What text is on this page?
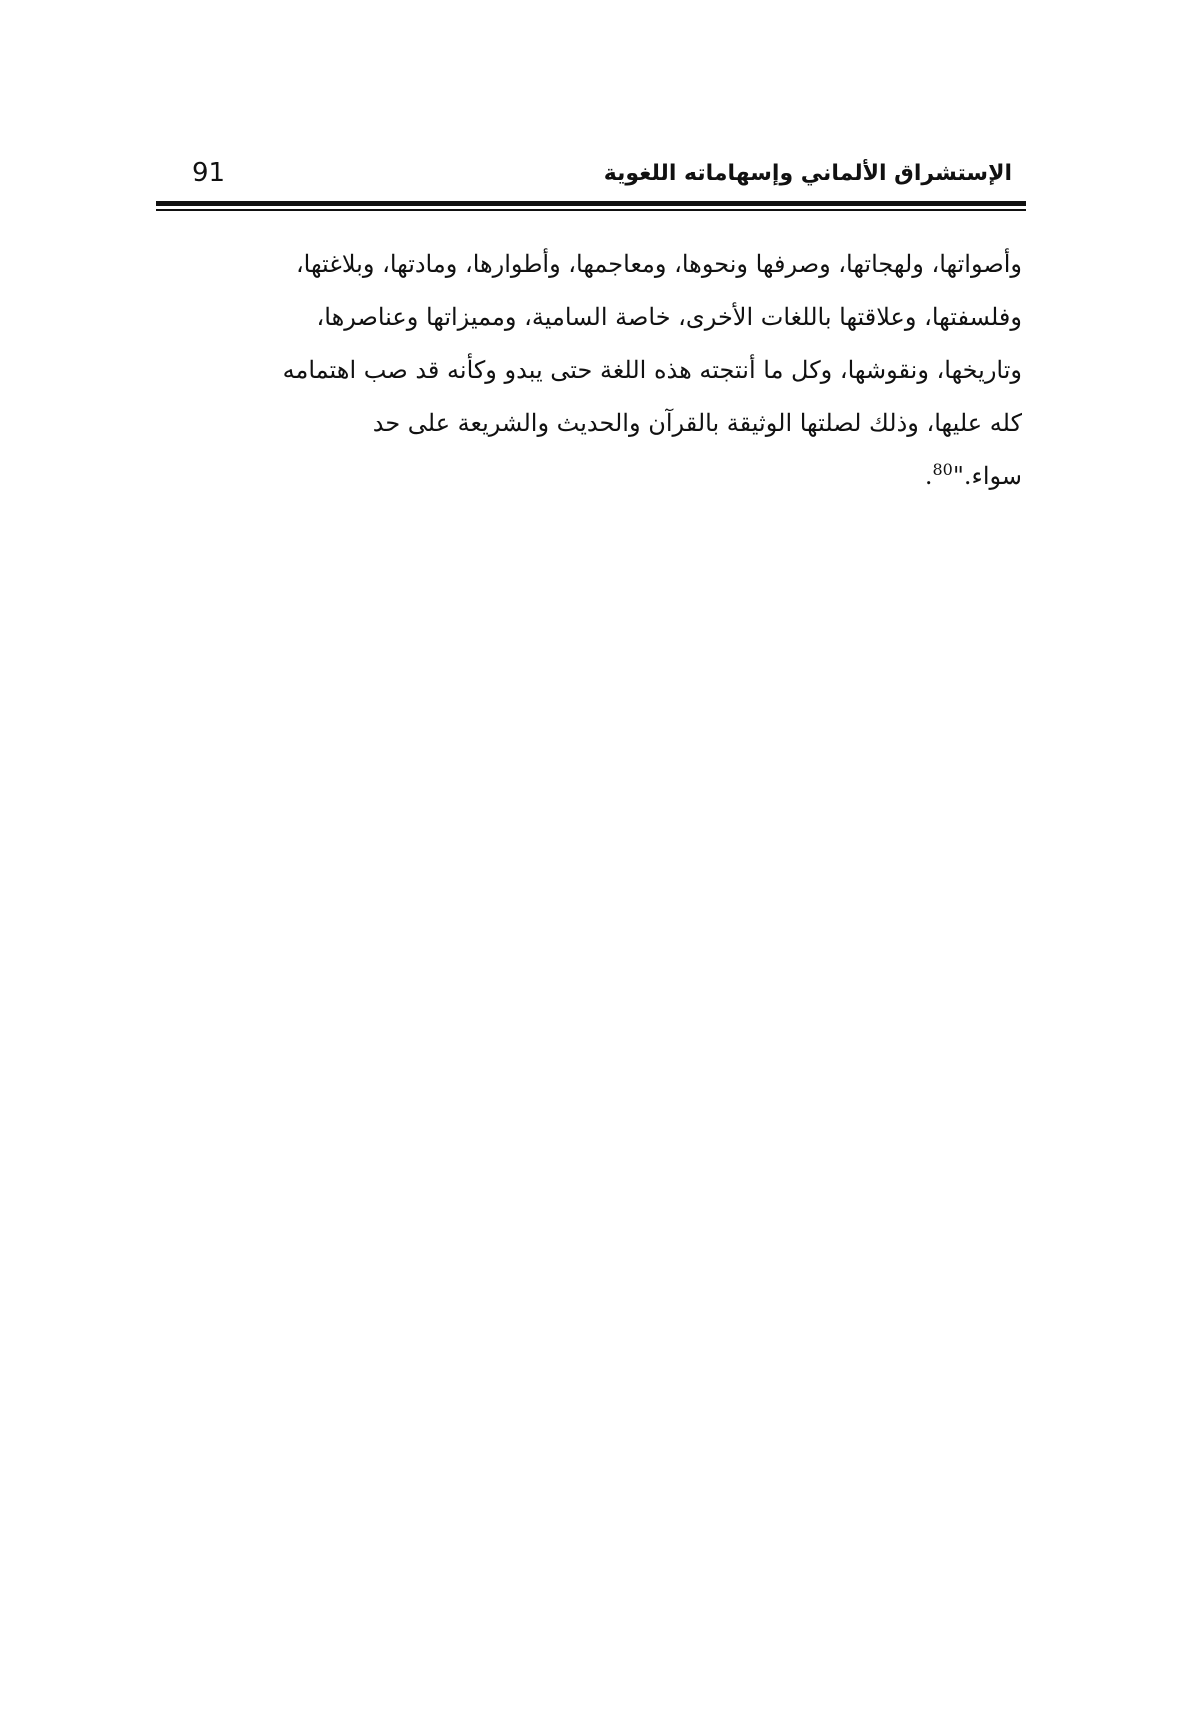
91	الإستشراق الألماني وإسهاماته اللغوية
وأصواتها، ولهجاتها، وصرفها ونحوها، ومعاجمها، وأطوارها، ومادتها، وبلاغتها،
وفلسفتها، وعلاقتها باللغات الأخرى، خاصة السامية، ومميزاتها وعناصرها،
وتاريخها، ونقوشها، وكل ما أنتجته هذه اللغة حتى يبدو وكأنه قد صب اهتمامه
كله عليها، وذلك لصلتها الوثيقة بالقرآن والحديث والشريعة على حد
سواء."$^{80}$.
